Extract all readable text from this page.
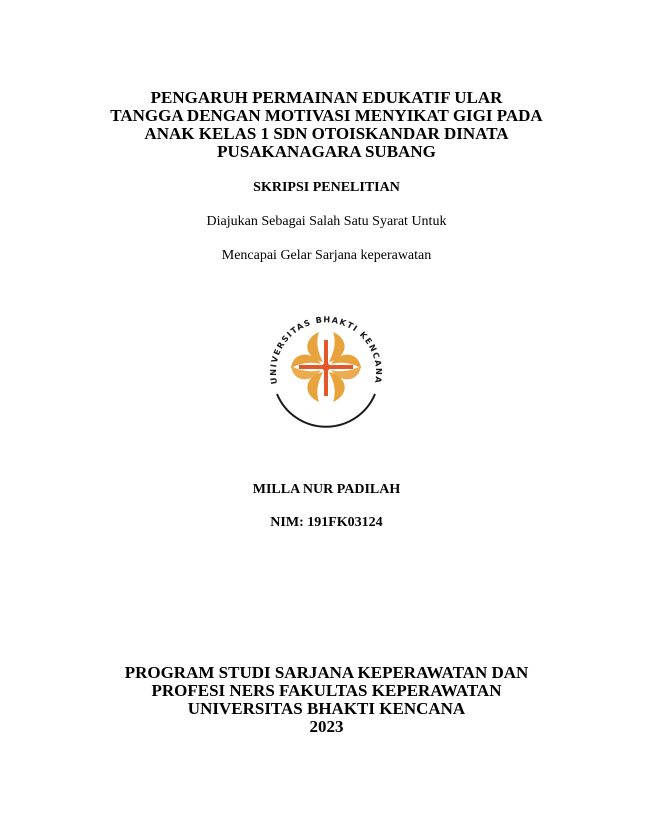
PENGARUH PERMAINAN EDUKATIF ULAR
TANGGA DENGAN MOTIVASI MENYIKAT GIGI PADA
ANAK KELAS 1 SDN OTOISKANDAR DINATA
PUSAKANAGARA SUBANG
SKRIPSI PENELITIAN
Diajukan Sebagai Salah Satu Syarat Untuk
Mencapai Gelar Sarjana keperawatan
UNIVERSITAS BHAKTI KENCANA
MILLA NUR PADILAH
NIM: 191FK03124
PROGRAM STUDI SARJANA KEPERAWATAN DAN
PROFESI NERS FAKULTAS KEPERAWATAN
UNIVERSITAS BHAKTI KENCANA
2023
